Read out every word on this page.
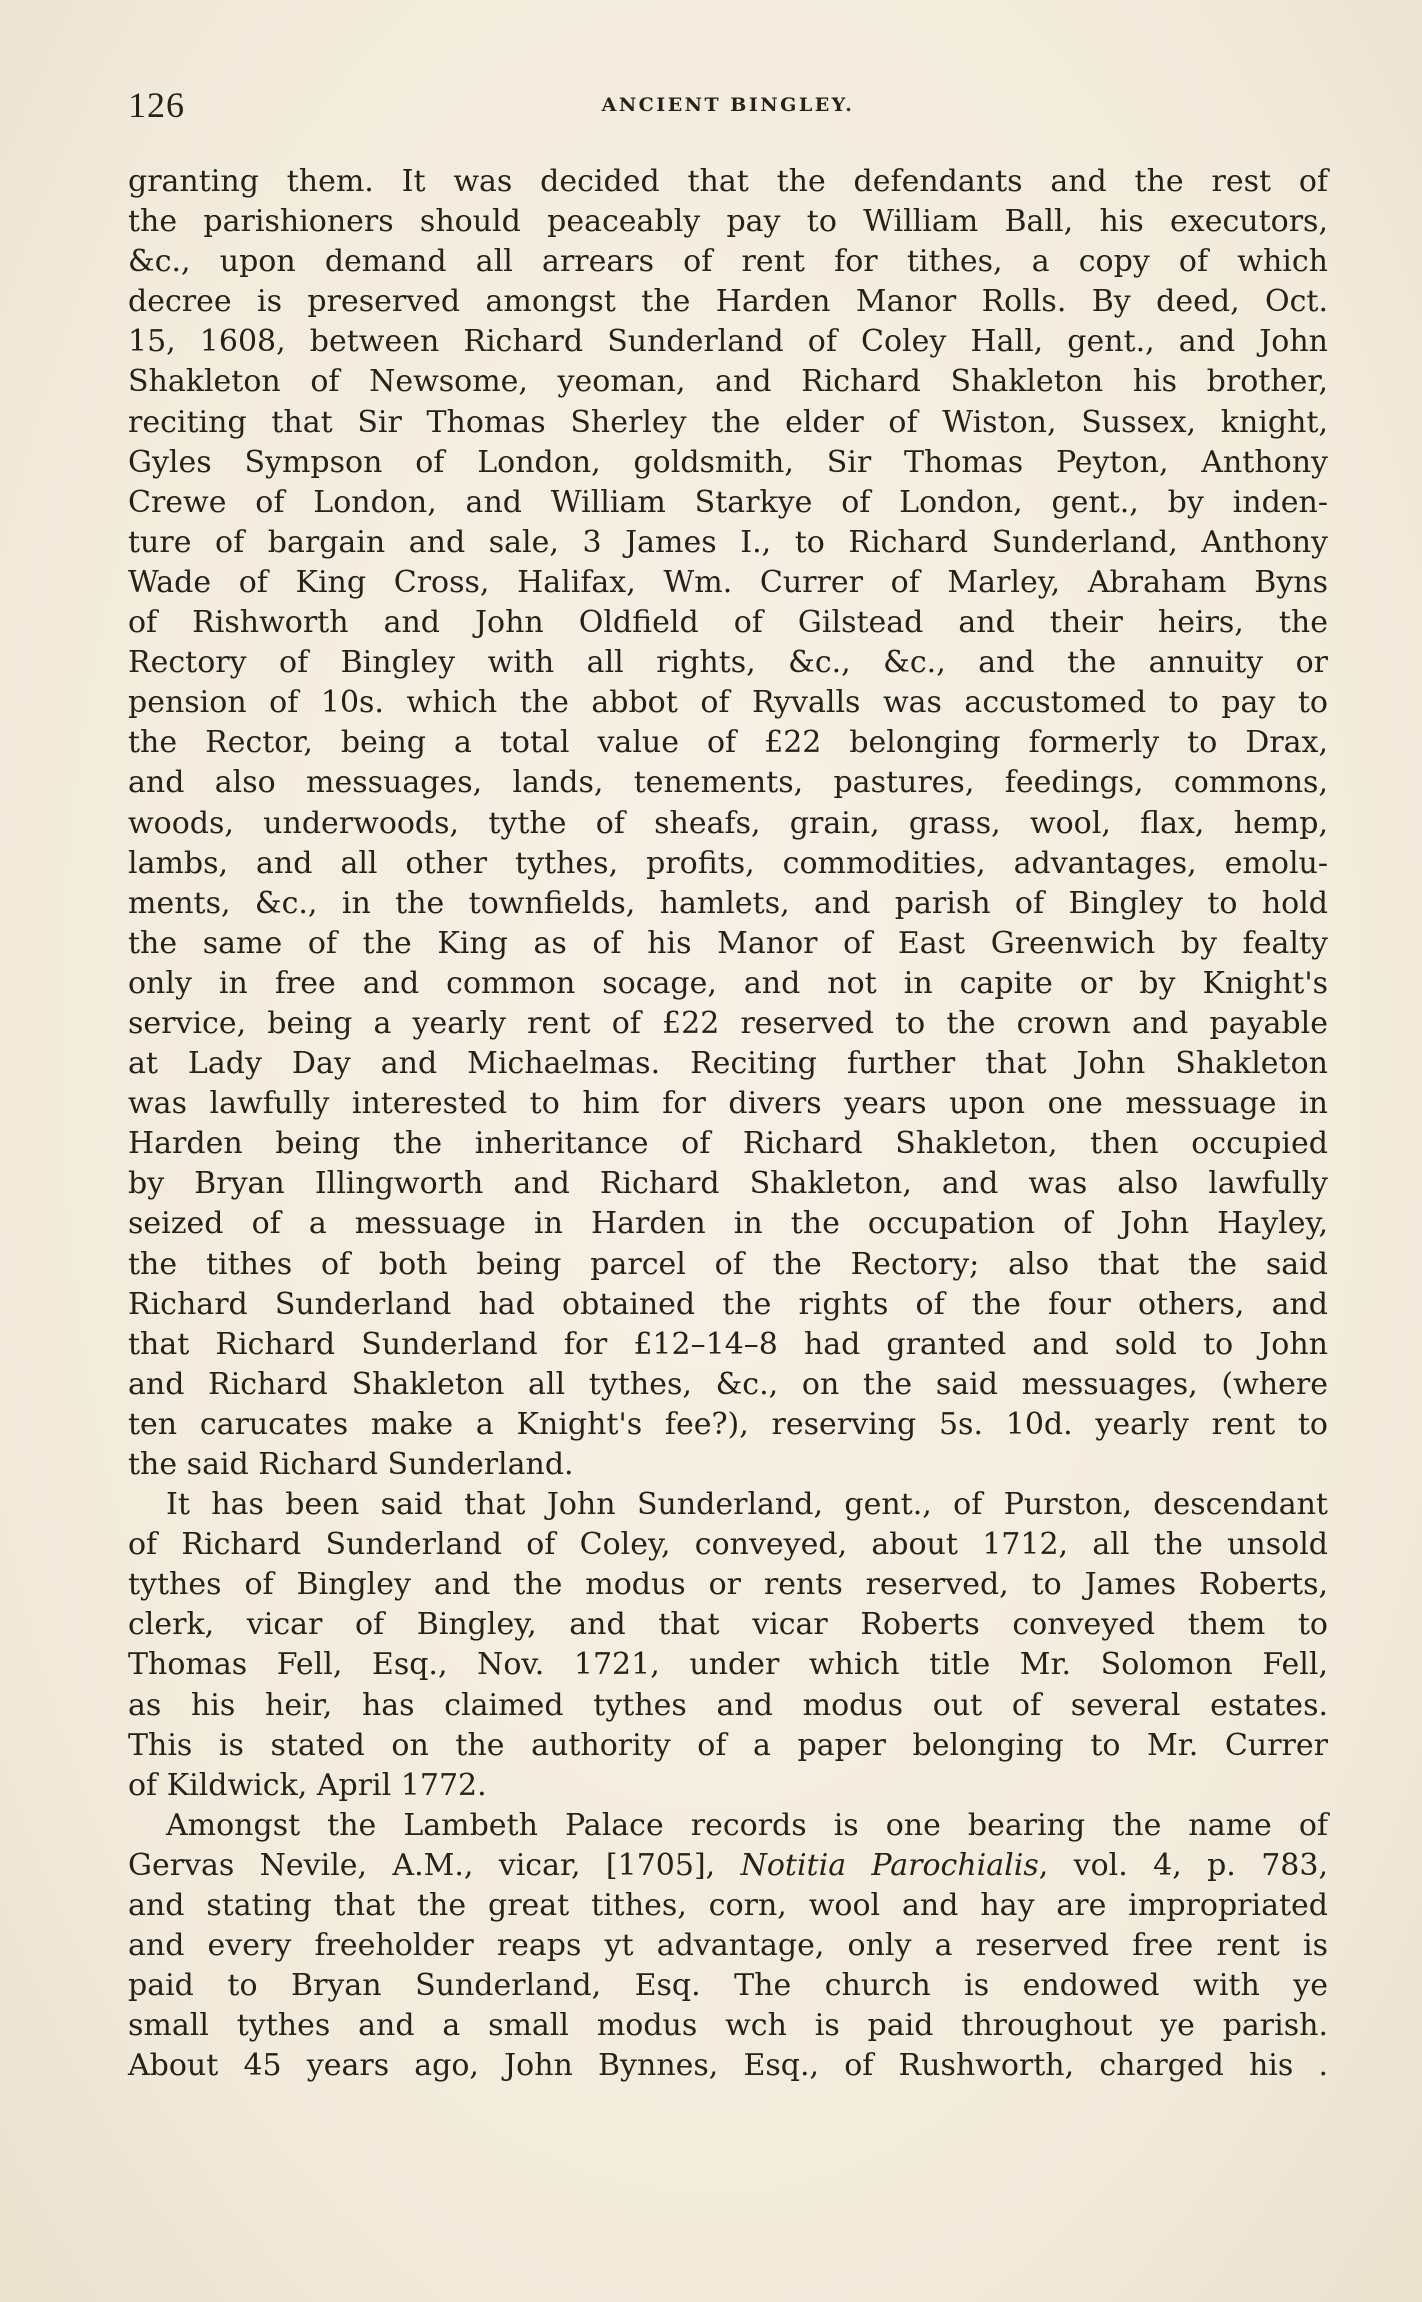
126	ANCIENT BINGLEY.
granting them. It was decided that the defendants and the rest of
the parishioners should peaceably pay to William Ball, his executors,
&c., upon demand all arrears of rent for tithes, a copy of which
decree is preserved amongst the Harden Manor Rolls. By deed, Oct.
15, 1608, between Richard Sunderland of Coley Hall, gent., and John
Shakleton of Newsome, yeoman, and Richard Shakleton his brother,
reciting that Sir Thomas Sherley the elder of Wiston, Sussex, knight,
Gyles Sympson of London, goldsmith, Sir Thomas Peyton, Anthony
Crewe of London, and William Starkye of London, gent., by inden-
ture of bargain and sale, 3 James I., to Richard Sunderland, Anthony
Wade of King Cross, Halifax, Wm. Currer of Marley, Abraham Byns
of Rishworth and John Oldfield of Gilstead and their heirs, the
Rectory of Bingley with all rights, &c., &c., and the annuity or
pension of 10s. which the abbot of Ryvalls was accustomed to pay to
the Rector, being a total value of £22 belonging formerly to Drax,
and also messuages, lands, tenements, pastures, feedings, commons,
woods, underwoods, tythe of sheafs, grain, grass, wool, flax, hemp,
lambs, and all other tythes, profits, commodities, advantages, emolu-
ments, &c., in the townfields, hamlets, and parish of Bingley to hold
the same of the King as of his Manor of East Greenwich by fealty
only in free and common socage, and not in capite or by Knight's
service, being a yearly rent of £22 reserved to the crown and payable
at Lady Day and Michaelmas. Reciting further that John Shakleton
was lawfully interested to him for divers years upon one messuage in
Harden being the inheritance of Richard Shakleton, then occupied
by Bryan Illingworth and Richard Shakleton, and was also lawfully
seized of a messuage in Harden in the occupation of John Hayley,
the tithes of both being parcel of the Rectory; also that the said
Richard Sunderland had obtained the rights of the four others, and
that Richard Sunderland for £12–14–8 had granted and sold to John
and Richard Shakleton all tythes, &c., on the said messuages, (where
ten carucates make a Knight's fee?), reserving 5s. 10d. yearly rent to
the said Richard Sunderland.
It has been said that John Sunderland, gent., of Purston, descendant
of Richard Sunderland of Coley, conveyed, about 1712, all the unsold
tythes of Bingley and the modus or rents reserved, to James Roberts,
clerk, vicar of Bingley, and that vicar Roberts conveyed them to
Thomas Fell, Esq., Nov. 1721, under which title Mr. Solomon Fell,
as his heir, has claimed tythes and modus out of several estates.
This is stated on the authority of a paper belonging to Mr. Currer
of Kildwick, April 1772.
Amongst the Lambeth Palace records is one bearing the name of
Gervas Nevile, A.M., vicar, [1705], Notitia Parochialis, vol. 4, p. 783,
and stating that the great tithes, corn, wool and hay are impropriated
and every freeholder reaps yt advantage, only a reserved free rent is
paid to Bryan Sunderland, Esq. The church is endowed with ye
small tythes and a small modus wch is paid throughout ye parish.
About 45 years ago, John Bynnes, Esq., of Rushworth, charged his .
